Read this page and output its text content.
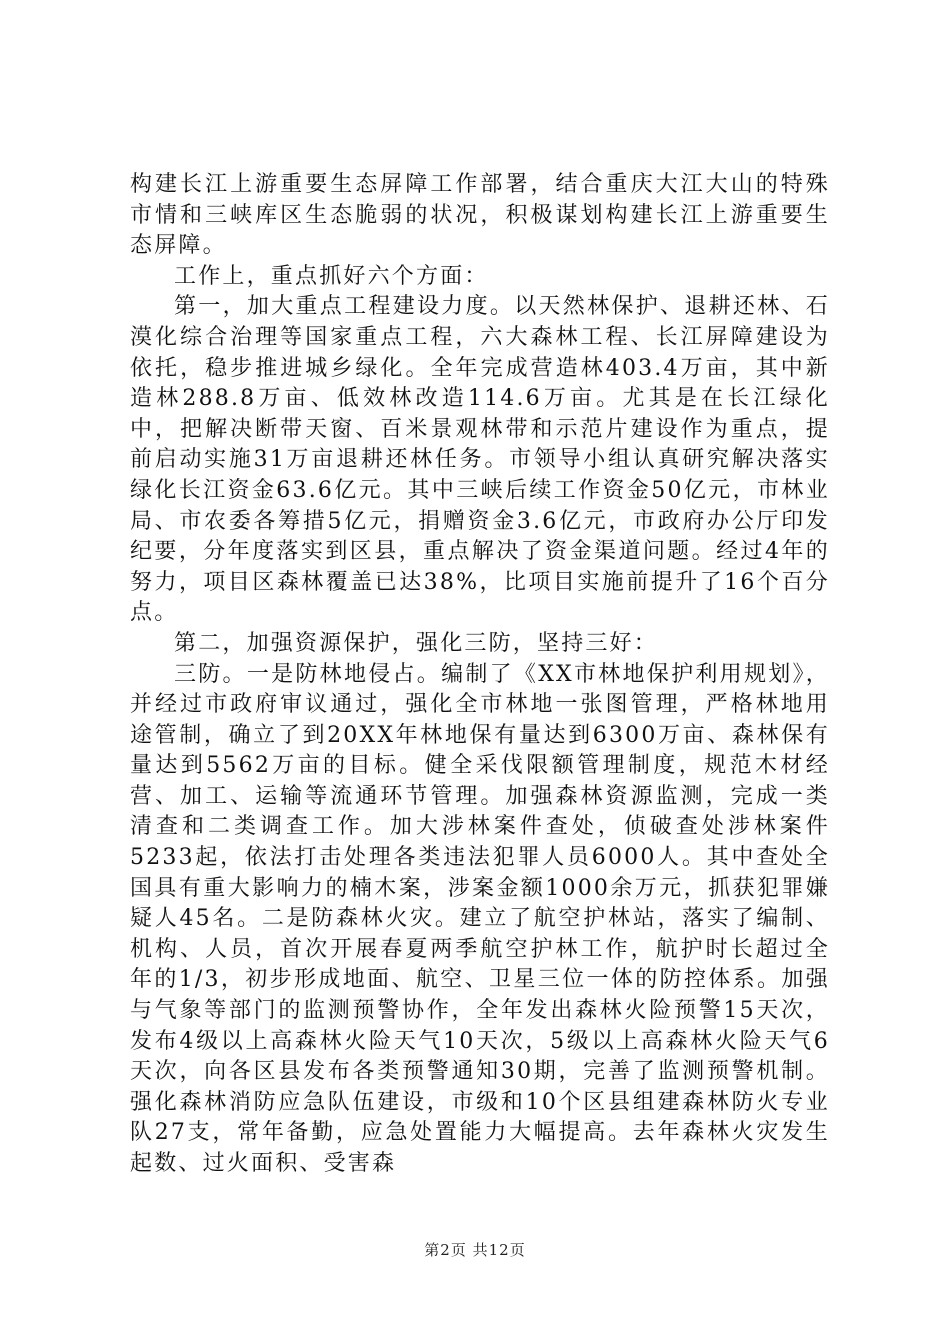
构建长江上游重要生态屏障工作部署，结合重庆大江大山的特殊市情和三峡库区生态脆弱的状况，积极谋划构建长江上游重要生态屏障。

工作上，重点抓好六个方面：

第一，加大重点工程建设力度。以天然林保护、退耕还林、石漠化综合治理等国家重点工程，六大森林工程、长江屏障建设为依托，稳步推进城乡绿化。全年完成营造林403.4万亩，其中新造林288.8万亩、低效林改造114.6万亩。尤其是在长江绿化中，把解决断带天窗、百米景观林带和示范片建设作为重点，提前启动实施31万亩退耕还林任务。市领导小组认真研究解决落实绿化长江资金63.6亿元。其中三峡后续工作资金50亿元，市林业局、市农委各筹措5亿元，捐赠资金3.6亿元，市政府办公厅印发纪要，分年度落实到区县，重点解决了资金渠道问题。经过4年的努力，项目区森林覆盖已达38%，比项目实施前提升了16个百分点。

第二，加强资源保护，强化三防，坚持三好：

三防。一是防林地侵占。编制了《XX市林地保护利用规划》，并经过市政府审议通过，强化全市林地一张图管理，严格林地用途管制，确立了到20XX年林地保有量达到6300万亩、森林保有量达到5562万亩的目标。健全采伐限额管理制度，规范木材经营、加工、运输等流通环节管理。加强森林资源监测，完成一类清查和二类调查工作。加大涉林案件查处，侦破查处涉林案件5233起，依法打击处理各类违法犯罪人员6000人。其中查处全国具有重大影响力的楠木案，涉案金额1000余万元，抓获犯罪嫌疑人45名。二是防森林火灾。建立了航空护林站，落实了编制、机构、人员，首次开展春夏两季航空护林工作，航护时长超过全年的1/3，初步形成地面、航空、卫星三位一体的防控体系。加强与气象等部门的监测预警协作，全年发出森林火险预警15天次，发布4级以上高森林火险天气10天次，5级以上高森林火险天气6天次，向各区县发布各类预警通知30期，完善了监测预警机制。强化森林消防应急队伍建设，市级和10个区县组建森林防火专业队27支，常年备勤，应急处置能力大幅提高。去年森林火灾发生起数、过火面积、受害森

第2页 共12页
